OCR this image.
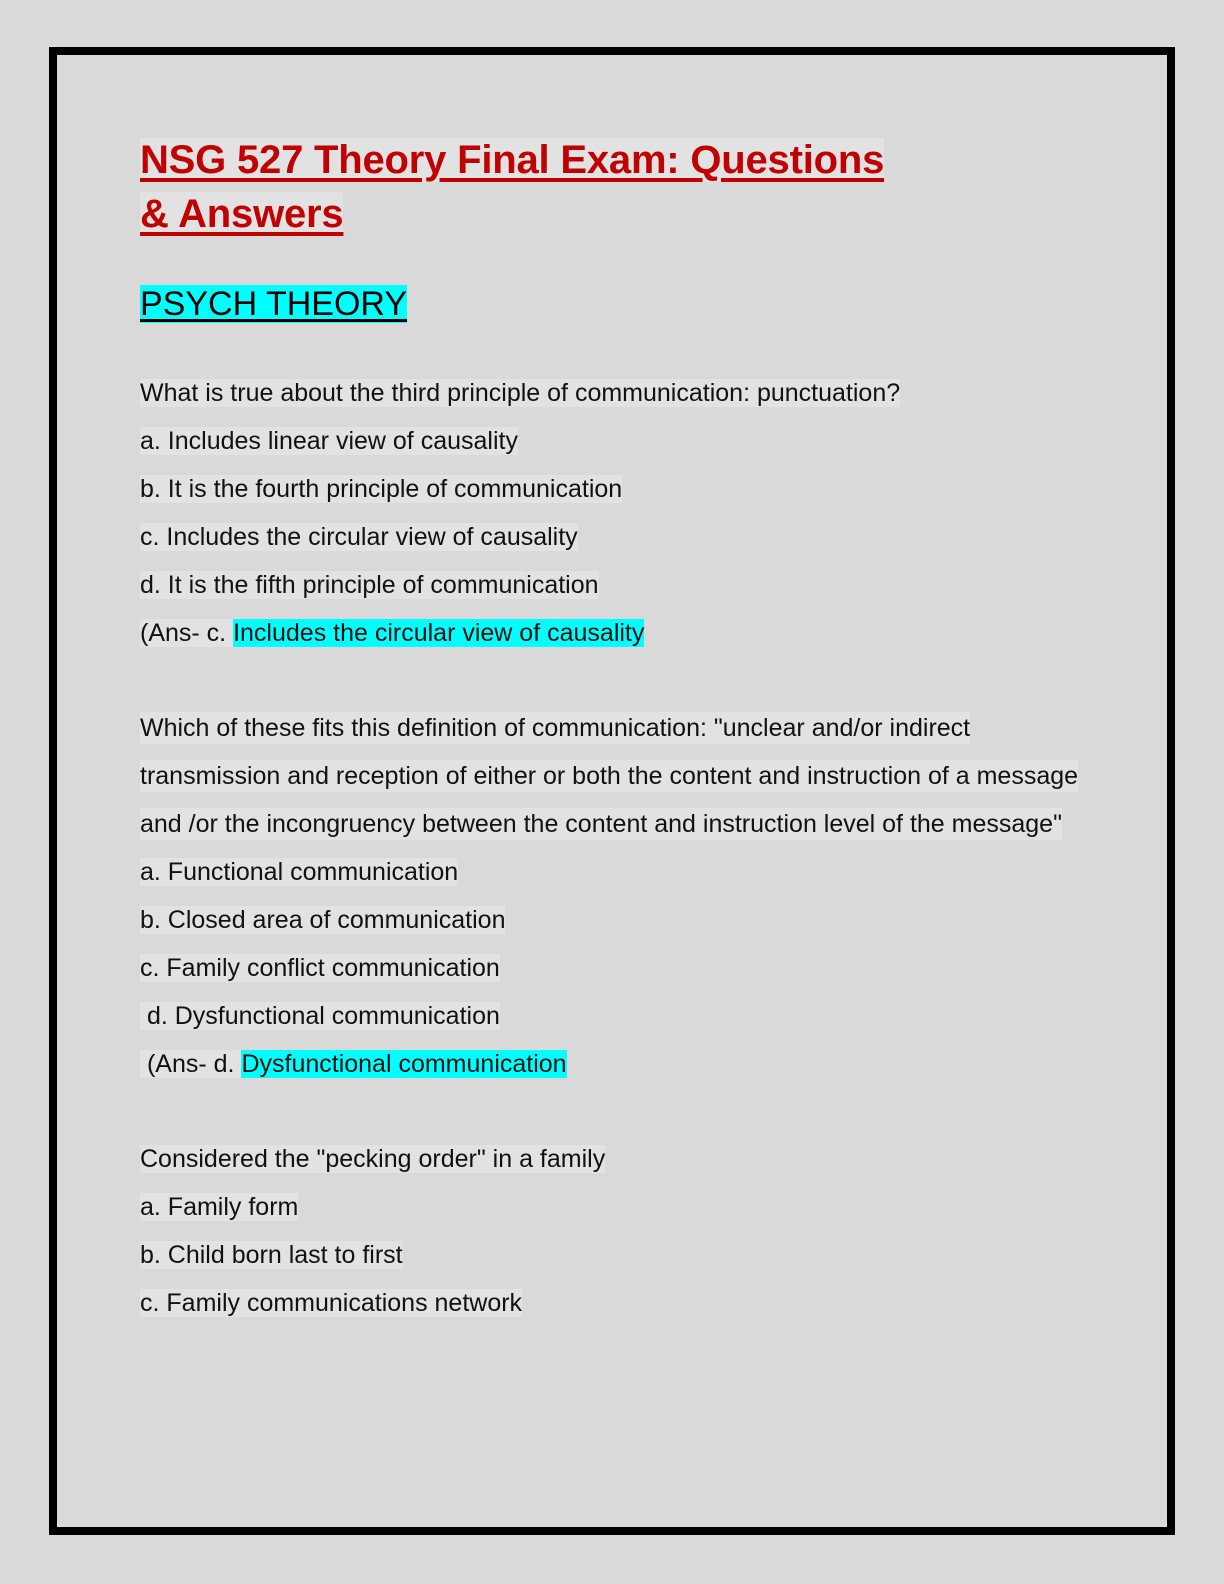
NSG 527 Theory Final Exam: Questions
& Answers
PSYCH THEORY

What is true about the third principle of communication: punctuation?

a. Includes linear view of causality

b. It is the fourth principle of communication

c. Includes the circular view of causality

d. It is the fifth principle of communication

(Ans- c. Includes the circular view of causality

Which of these fits this definition of communication: "unclear and/or indirect transmission and reception of either or both the content and instruction of a message and /or the incongruency between the content and instruction level of the message"

a. Functional communication

b. Closed area of communication

c. Family conflict communication

d. Dysfunctional communication

(Ans- d. Dysfunctional communication

Considered the "pecking order" in a family

a. Family form

b. Child born last to first

c. Family communications network
